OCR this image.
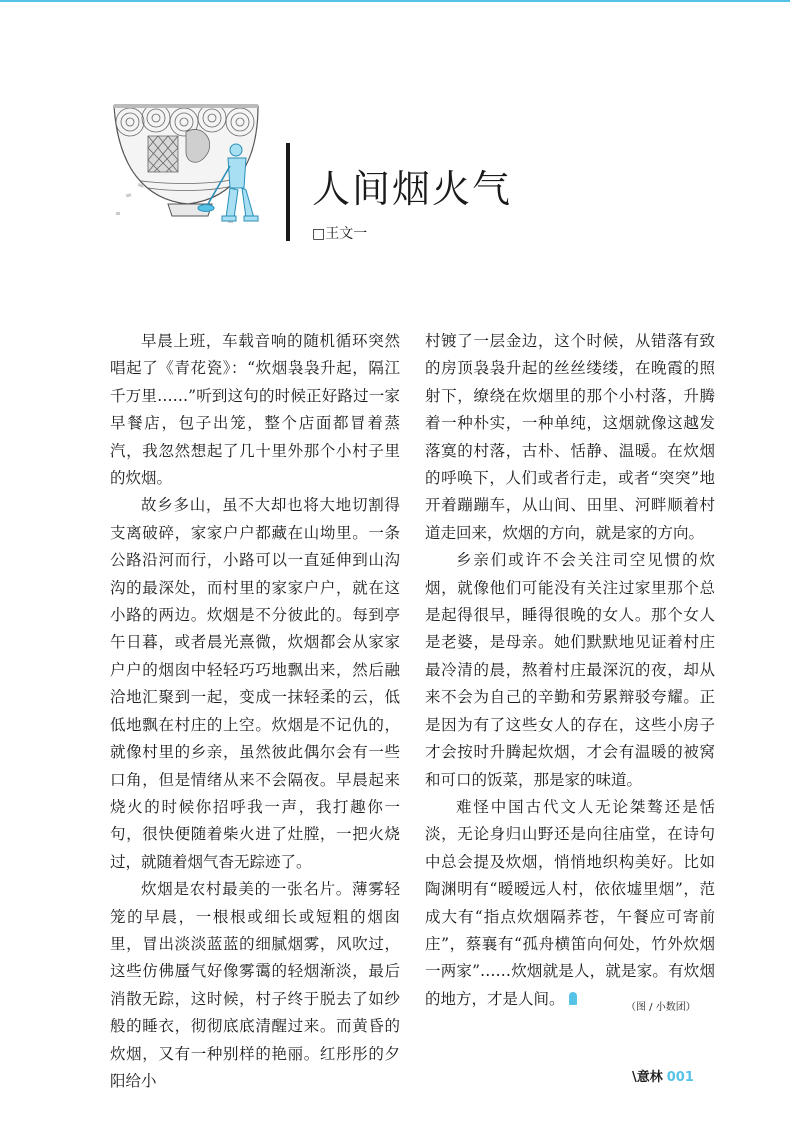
人间烟火气
□王文一

早晨上班，车载音响的随机循环突然唱起了《青花瓷》：“炊烟袅袅升起，隔江千万里……”听到这句的时候正好路过一家早餐店，包子出笼，整个店面都冒着蒸汽，我忽然想起了几十里外那个小村子里的炊烟。

故乡多山，虽不大却也将大地切割得支离破碎，家家户户都藏在山坳里。一条公路沿河而行，小路可以一直延伸到山沟沟的最深处，而村里的家家户户，就在这小路的两边。炊烟是不分彼此的。每到亭午日暮，或者晨光熹微，炊烟都会从家家户户的烟囱中轻轻巧巧地飘出来，然后融洽地汇聚到一起，变成一抹轻柔的云，低低地飘在村庄的上空。炊烟是不记仇的，就像村里的乡亲，虽然彼此偶尔会有一些口角，但是情绪从来不会隔夜。早晨起来烧火的时候你招呼我一声，我打趣你一句，很快便随着柴火进了灶膛，一把火烧过，就随着烟气杳无踪迹了。

炊烟是农村最美的一张名片。薄雾轻笼的早晨，一根根或细长或短粗的烟囱里，冒出淡淡蓝蓝的细腻烟雾，风吹过，这些仿佛蜃气好像雾霭的轻烟渐淡，最后消散无踪，这时候，村子终于脱去了如纱般的睡衣，彻彻底底清醒过来。而黄昏的炊烟，又有一种别样的艳丽。红彤彤的夕阳给小

村镀了一层金边，这个时候，从错落有致的房顶袅袅升起的丝丝缕缕，在晚霞的照射下，缭绕在炊烟里的那个小村落，升腾着一种朴实，一种单纯，这烟就像这越发落寞的村落，古朴、恬静、温暖。在炊烟的呼唤下，人们或者行走，或者“突突”地开着蹦蹦车，从山间、田里、河畔顺着村道走回来，炊烟的方向，就是家的方向。

乡亲们或许不会关注司空见惯的炊烟，就像他们可能没有关注过家里那个总是起得很早，睡得很晚的女人。那个女人是老婆，是母亲。她们默默地见证着村庄最冷清的晨，熬着村庄最深沉的夜，却从来不会为自己的辛勤和劳累辩驳夸耀。正是因为有了这些女人的存在，这些小房子才会按时升腾起炊烟，才会有温暖的被窝和可口的饭菜，那是家的味道。

难怪中国古代文人无论桀骜还是恬淡，无论身归山野还是向往庙堂，在诗句中总会提及炊烟，悄悄地织构美好。比如陶渊明有“暧暧远人村，依依墟里烟”，范成大有“指点炊烟隔荞苍，午餐应可寄前庄”，蔡襄有“孤舟横笛向何处，竹外炊烟一两家”……炊烟就是人，就是家。有炊烟的地方，才是人间。	（图 / 小数团）
\意林 001
